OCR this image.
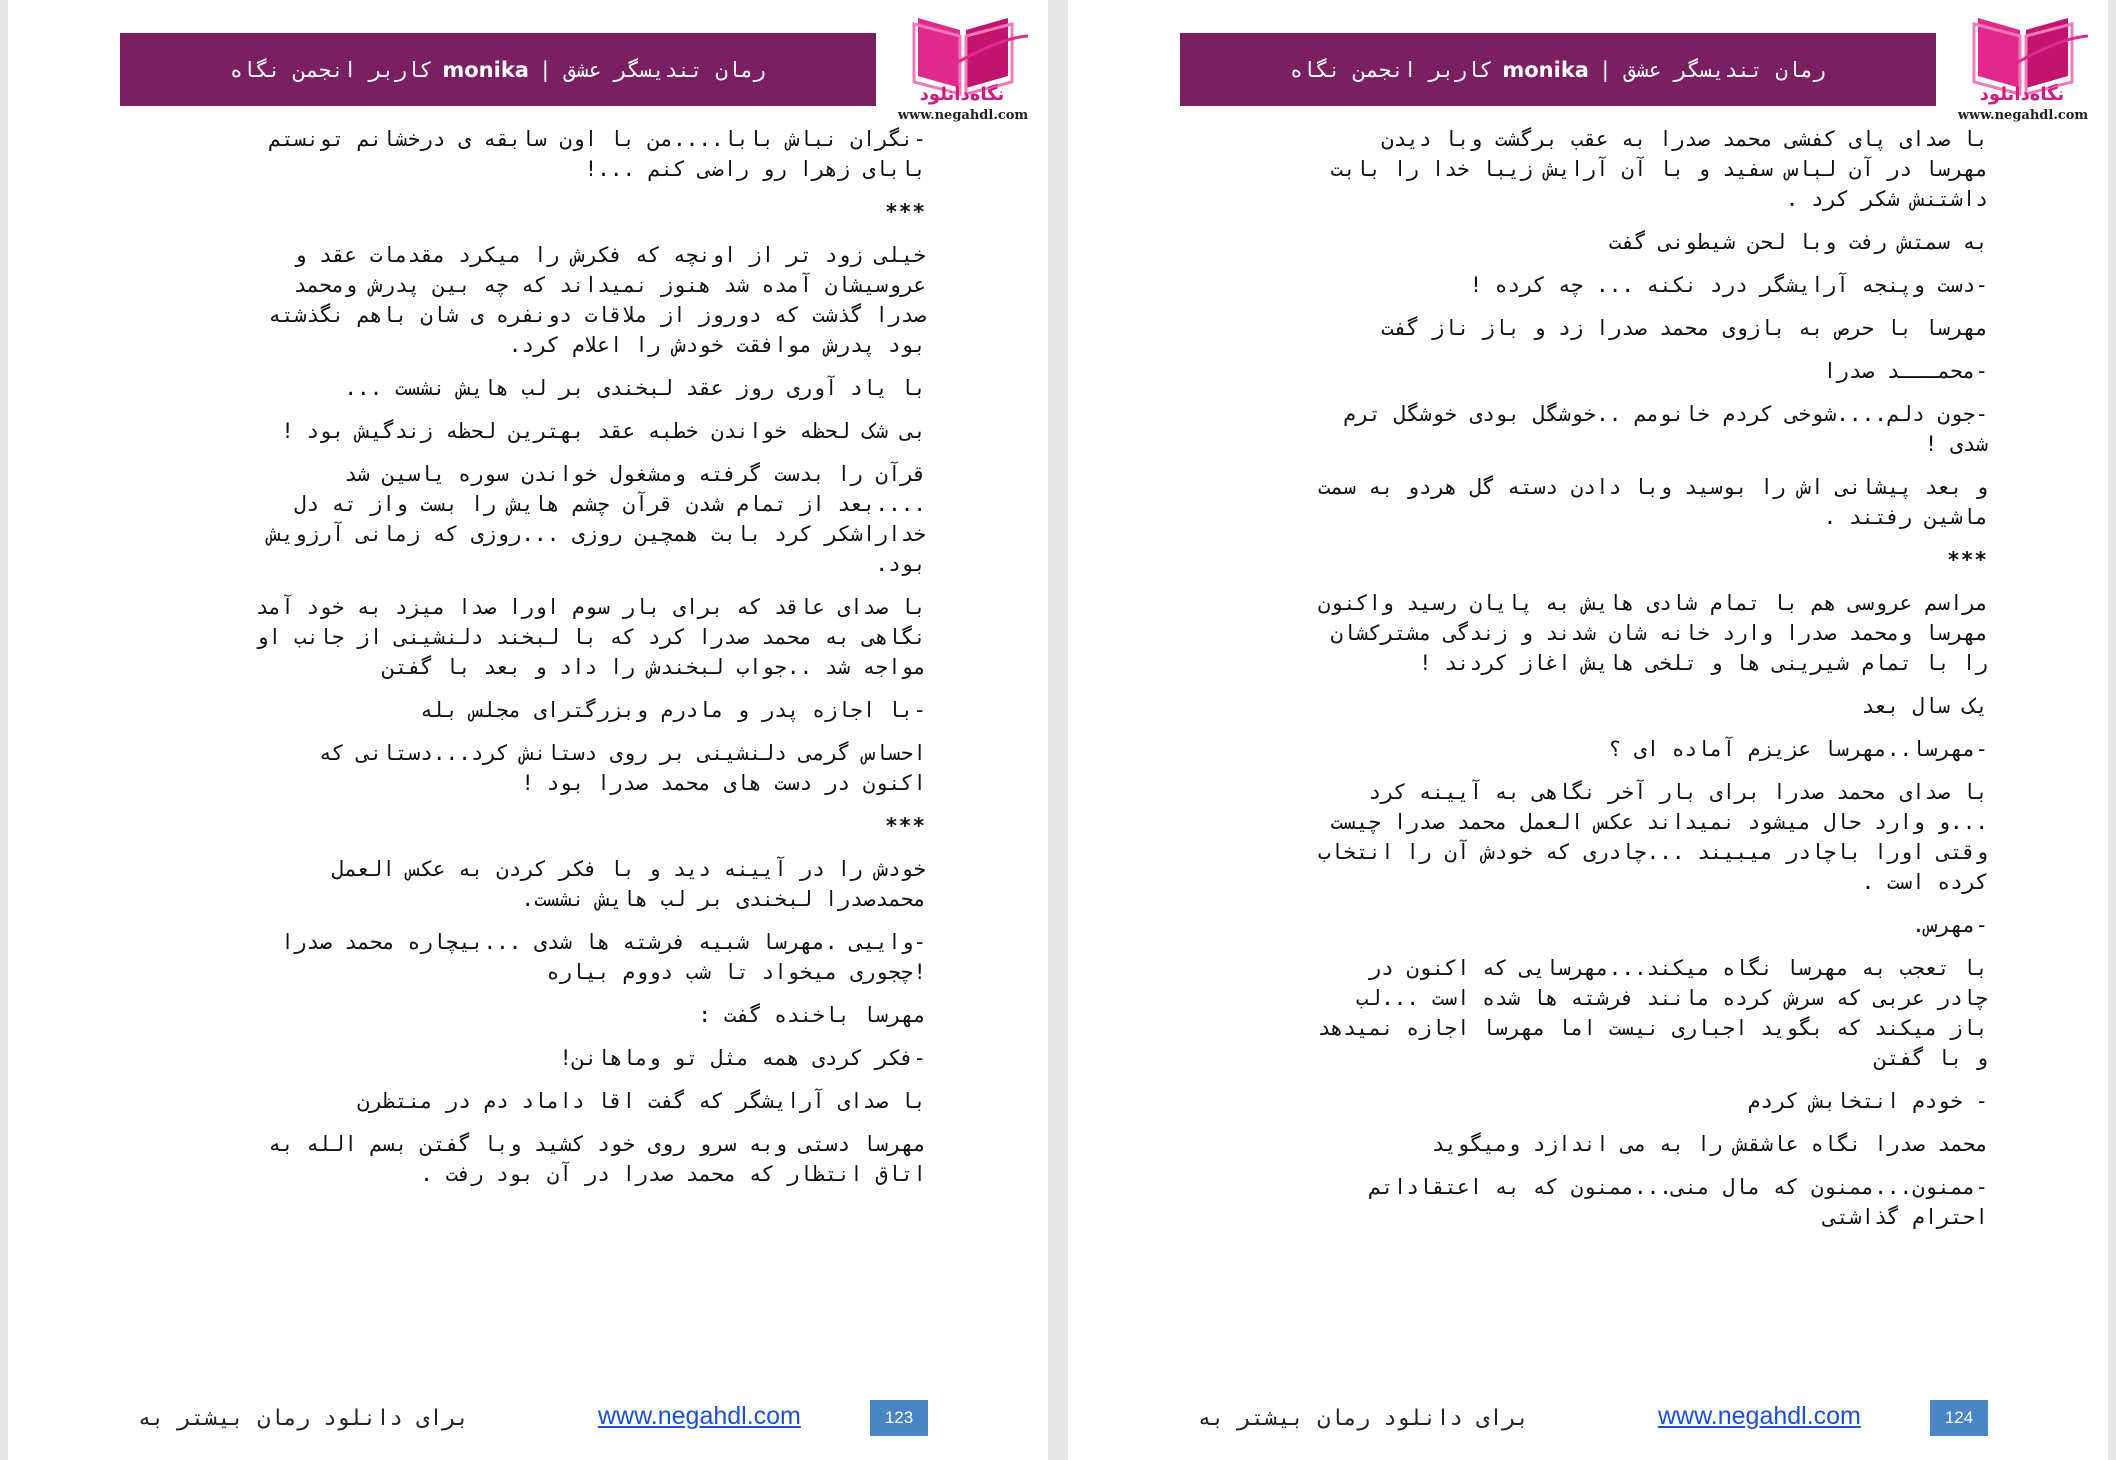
رمان تندیسگر عشق
|
monika
کاربر انجمن نگاه
نگاه‌دانلود
www.negahdl.com

-نگران نباش بابا....من با اون سابقه ی درخشانم تونستم
بابای زهرا رو راضی کنم ...!

***

خیلی زود تر از اونچه که فکرش را میکرد مقدمات عقد و
عروسیشان آمده شد هنوز نمیداند که چه بین پدرش ومحمد
صدرا گذشت که دوروز از ملاقات دونفره ی شان باهم نگذشته
بود پدرش موافقت خودش را اعلام کرد.

با یاد آوری روز عقد لبخندی بر لب هایش نشست ...

بی شک لحظه خواندن خطبه عقد بهترین لحظه زندگیش بود !

قرآن را بدست گرفته ومشغول خواندن سوره یاسین شد
....بعد از تمام شدن قرآن چشم هایش را بست واز ته دل
خداراشکر کرد بابت همچین روزی ...روزی که زمانی آرزویش
بود.

با صدای عاقد که برای بار سوم اورا صدا میزد به خود آمد
نگاهی به محمد صدرا کرد که با لبخند دلنشینی از جانب او
مواجه شد ..جواب لبخندش را داد و بعد با گفتن

-با اجازه پدر و مادرم وبزرگترای مجلس بله

احساس گرمی دلنشینی بر روی دستانش کرد...دستانی که
اکنون در دست های محمد صدرا بود !

***

خودش را در آیینه دید و با فکر کردن به عکس العمل
محمدصدرا لبخندی بر لب هایش نشست.

-واییی .مهرسا شبیه فرشته ها شدی ...بیچاره محمد صدرا
!چجوری میخواد تا شب دووم بیاره

مهرسا باخنده گفت :

-فکر کردی همه مثل تو وماهانن!

با صدای آرایشگر که گفت اقا داماد دم در منتظرن

مهرسا دستی وبه سرو روی خود کشید وبا گفتن بسم الله به
اتاق انتظار که محمد صدرا در آن بود رفت .

برای دانلود رمان بیشتر به	www.negahdl.com	123
رمان تندیسگر عشق
|
monika
کاربر انجمن نگاه
نگاه‌دانلود
www.negahdl.com

با صدای پای کفشی محمد صدرا به عقب برگشت وبا دیدن
مهرسا در آن لباس سفید و با آن آرایش زیبا خدا را بابت
داشتنش شکر کرد .

به سمتش رفت وبا لحن شیطونی گفت

-دست وپنجه آرایشگر درد نکنه ... چه کرده !

مهرسا با حرص به بازوی محمد صدرا زد و باز ناز گفت

-محمـــد صدرا

-جون دلم....شوخی کردم خانومم ..خوشگل بودی خوشگل ترم
شدی !

و بعد پیشانی اش را بوسید وبا دادن دسته گل هردو به سمت
ماشین رفتند .

***

مراسم عروسی هم با تمام شادی هایش به پایان رسید واکنون
مهرسا ومحمد صدرا وارد خانه شان شدند و زندگی مشترکشان
را با تمام شیرینی ها و تلخی هایش اغاز کردند !

یک سال بعد

-مهرسا..مهرسا عزیزم آماده ای ؟

با صدای محمد صدرا برای بار آخر نگاهی به آیینه کرد
...و وارد حال میشود نمیداند عکس العمل محمد صدرا چیست
وقتی اورا باچادر میبیند ...چادری که خودش آن را انتخاب
کرده است .

-مهرس.

با تعجب به مهرسا نگاه میکند...مهرسایی که اکنون در
چادر عربی که سرش کرده مانند فرشته ها شده است ...لب
باز میکند که بگوید اجباری نیست اما مهرسا اجازه نمیدهد
و با گفتن

- خودم انتخابش کردم

محمد صدرا نگاه عاشقش را به می اندازد ومیگوید

-ممنون...ممنون که مال منی...ممنون که به اعتقاداتم
احترام گذاشتی

برای دانلود رمان بیشتر به	www.negahdl.com	124
